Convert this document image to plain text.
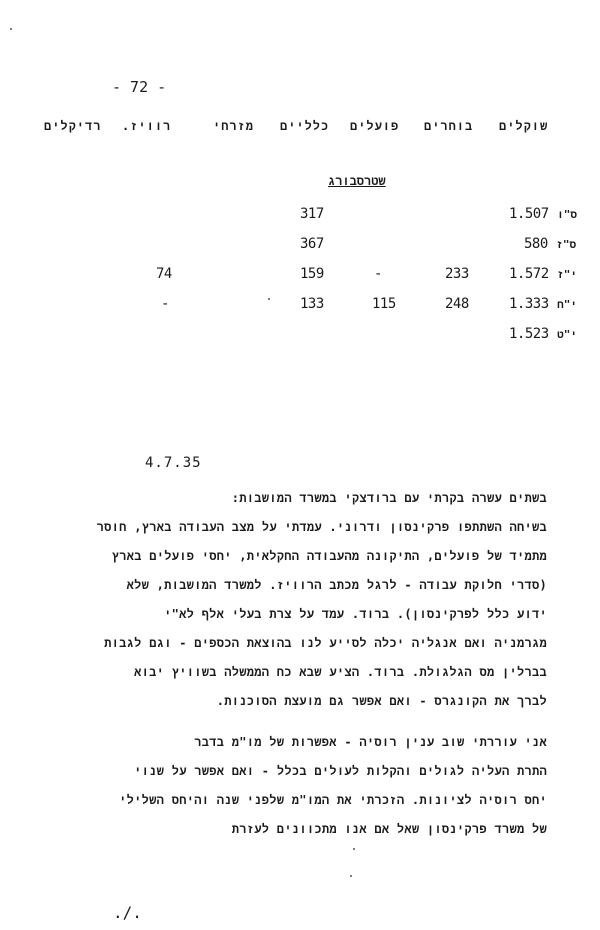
- 72 -
שוקלים
בוחרים
פועלים
כלליים
מזרחי
רוויז.
רדיקלים
שטרסבורג
1.507 ס"ו
317
580 ס"ז
367
1.572 י"ז
233
-
159
74
1.333 י"ח
248
115
133
-
1.523 י"ט
4.7.35
בשתים עשרה בקרתי עם ברודצקי במשרד המושבות:
בשיחה השתתפו פרקינסון ודרוני. עמדתי על מצב העבודה בארץ, חוסר
מתמיד של פועלים, התיקונה מהעבודה החקלאית, יחסי פועלים בארץ
(סדרי חלוקת עבודה - לרגל מכתב הרוויז. למשרד המושבות, שלא
ידוע כלל לפרקינסון). ברוד. עמד על צרת בעלי אלף לא"י
מגרמניה ואם אנגליה יכלה לסייע לנו בהוצאת הכספים - וגם לגבות
בברלין מס הגלגולת. ברוד. הציע שבא כח הממשלה בשוויץ יבוא
לברך את הקונגרס - ואם אפשר גם מועצת הסוכנות.
אני עוררתי שוב ענין רוסיה - אפשרות של מו"מ בדבר
התרת העליה לגולים והקלות לעולים בכלל - ואם אפשר על שנוי
יחס רוסיה לציונות. הזכרתי את המו"מ שלפני שנה והיחס השלילי
של משרד פרקינסון שאל אם אנו מתכוונים לעזרת
./.
